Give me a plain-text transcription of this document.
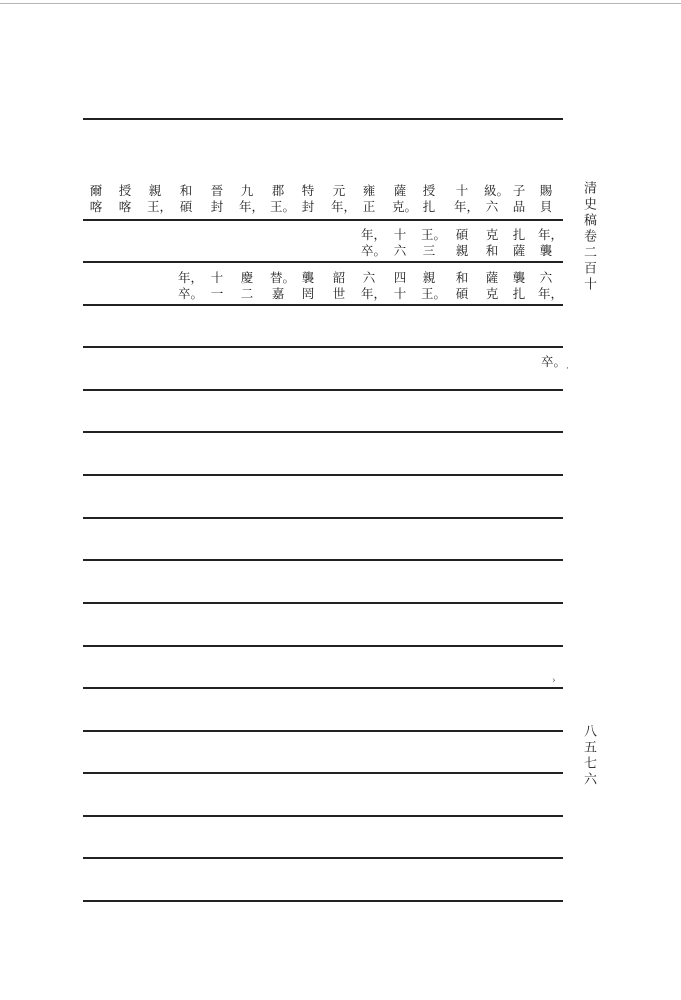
清史稿卷二百十
八五七六
賜貝
子品
級。六
十年，
授扎
薩克。
雍正
元年，
特封
郡王。
九年，
晉封
和碩
親王，
授喀
爾喀
年，襲
扎薩
克和
碩親
王。三
十六
年，卒。
六年，
襲扎
薩克
和碩
親王。
四十
六年，
韶世
襲罔
替。嘉
慶二
十一
年，卒。
卒。 ·
›
